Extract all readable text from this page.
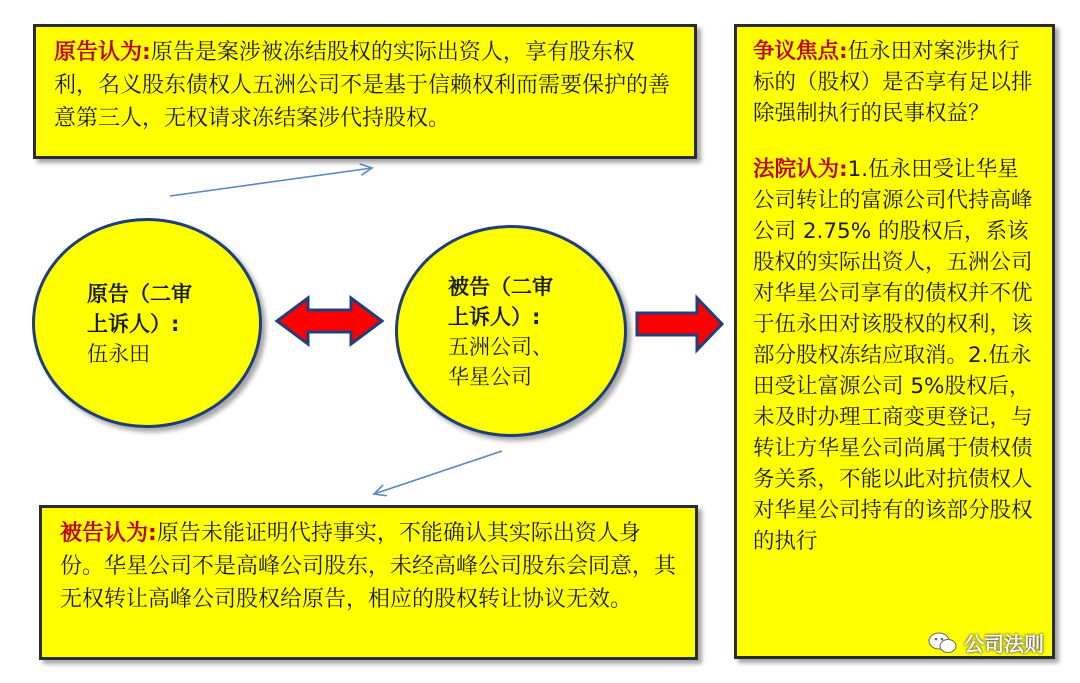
原告认为:原告是案涉被冻结股权的实际出资人，享有股东权利，名义股东债权人五洲公司不是基于信赖权利而需要保护的善意第三人，无权请求冻结案涉代持股权。
被告认为:原告未能证明代持事实，不能确认其实际出资人身份。华星公司不是高峰公司股东，未经高峰公司股东会同意，其无权转让高峰公司股权给原告，相应的股权转让协议无效。
争议焦点:伍永田对案涉执行标的（股权）是否享有足以排除强制执行的民事权益？
法院认为:1.伍永田受让华星公司转让的富源公司代持高峰公司 2.75% 的股权后，系该股权的实际出资人，五洲公司对华星公司享有的债权并不优于伍永田对该股权的权利，该部分股权冻结应取消。2.伍永田受让富源公司 5%股权后，未及时办理工商变更登记，与转让方华星公司尚属于债权债务关系，不能以此对抗债权人对华星公司持有的该部分股权的执行
原告（二审
上诉人）:
伍永田
被告（二审
上诉人）:
五洲公司、
华星公司
公司法则
